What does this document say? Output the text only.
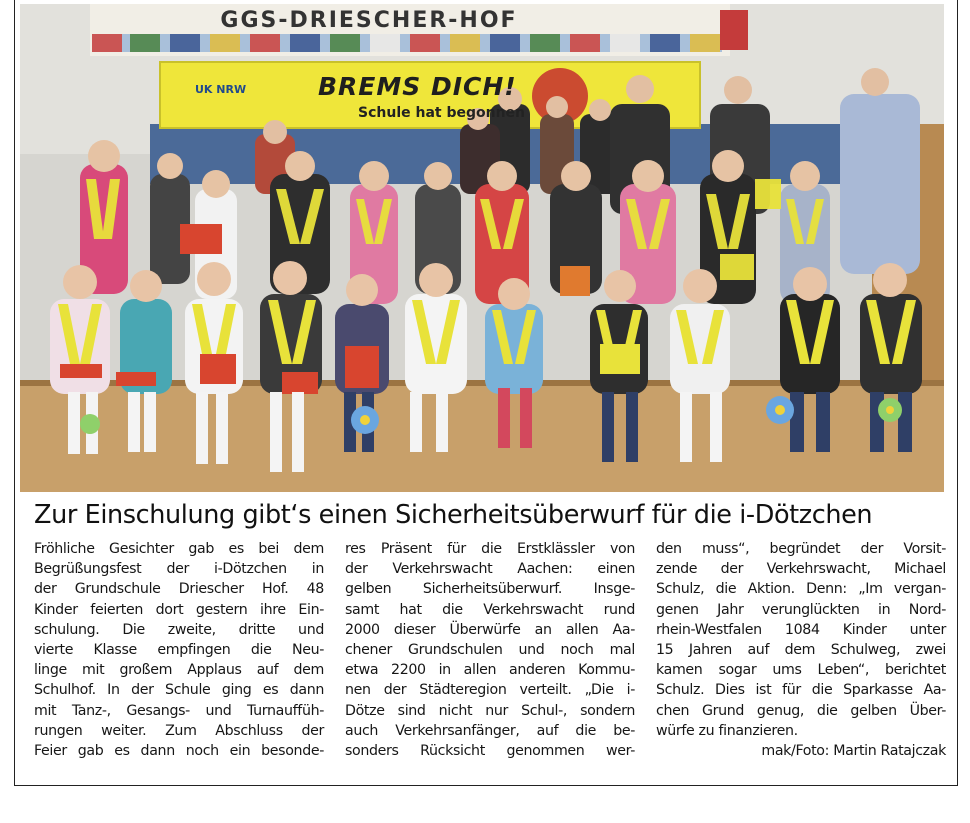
GGS-DRIESCHER-HOF
UK NRW	BREMS DICH!
Schule hat begonnen
Zur Einschulung gibt‘s einen Sicherheitsüberwurf für die i-Dötzchen
Fröhliche Gesichter gab es bei dem
Begrüßungsfest der i-Dötzchen in
der Grundschule Driescher Hof. 48
Kinder feierten dort gestern ihre Ein-
schulung. Die zweite, dritte und
vierte Klasse empfingen die Neu-
linge mit großem Applaus auf dem
Schulhof. In der Schule ging es dann
mit Tanz-, Gesangs- und Turnauffüh-
rungen weiter. Zum Abschluss der
Feier gab es dann noch ein besonde-
res Präsent für die Erstklässler von
der Verkehrswacht Aachen: einen
gelben Sicherheitsüberwurf. Insge-
samt hat die Verkehrswacht rund
2000 dieser Überwürfe an allen Aa-
chener Grundschulen und noch mal
etwa 2200 in allen anderen Kommu-
nen der Städteregion verteilt. „Die i-
Dötze sind nicht nur Schul-, sondern
auch Verkehrsanfänger, auf die be-
sonders Rücksicht genommen wer-
den muss“, begründet der Vorsit-
zende der Verkehrswacht, Michael
Schulz, die Aktion. Denn: „Im vergan-
genen Jahr verunglückten in Nord-
rhein-Westfalen 1084 Kinder unter
15 Jahren auf dem Schulweg, zwei
kamen sogar ums Leben“, berichtet
Schulz. Dies ist für die Sparkasse Aa-
chen Grund genug, die gelben Über-
würfe zu finanzieren.
mak/Foto: Martin Ratajczak
